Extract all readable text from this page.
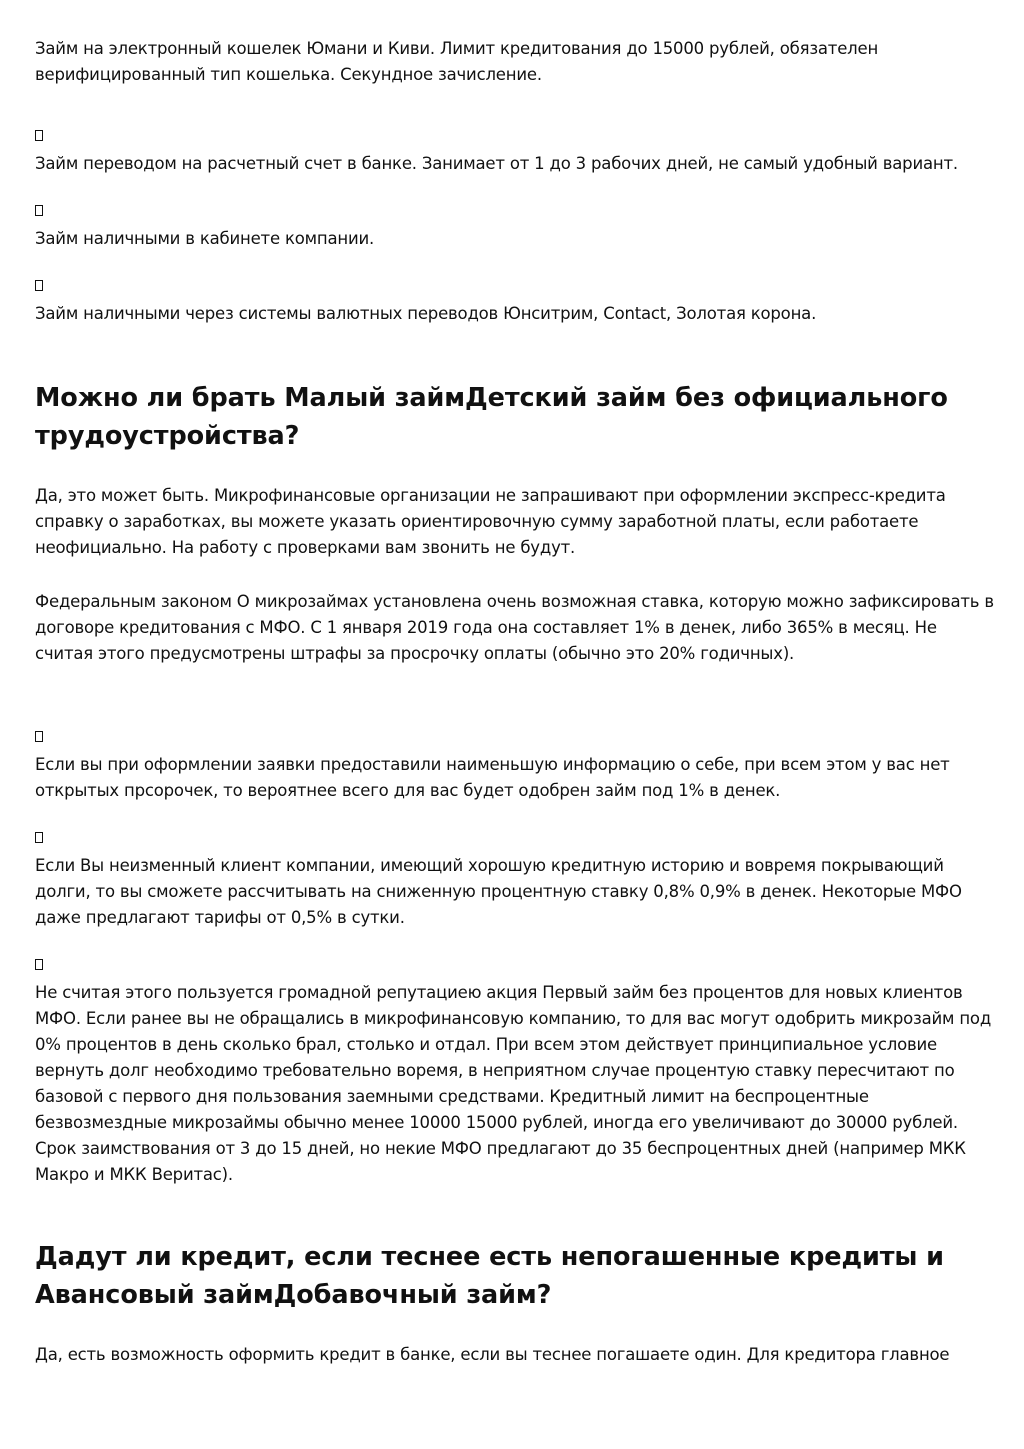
Займ на электронный кошелек Юмани и Киви. Лимит кредитования до 15000 рублей, обязателен верифицированный тип кошелька. Секундное зачисление.

Займ переводом на расчетный счет в банке. Занимает от 1 до 3 рабочих дней, не самый удобный вариант.

Займ наличными в кабинете компании.

Займ наличными через системы валютных переводов Юнситрим, Contact, Золотая корона.

Можно ли брать Малый займДетский займ без официального трудоустройства?

Да, это может быть. Микрофинансовые организации не запрашивают при оформлении экспресс-кредита справку о заработках, вы можете указать ориентировочную сумму заработной платы, если работаете неофициально. На работу с проверками вам звонить не будут.

Федеральным законом О микрозаймах установлена очень возможная ставка, которую можно зафиксировать в договоре кредитования с МФО. С 1 января 2019 года она составляет 1% в денек, либо 365% в месяц. Не считая этого предусмотрены штрафы за просрочку оплаты (обычно это 20% годичных).

Если вы при оформлении заявки предоставили наименьшую информацию о себе, при всем этом у вас нет открытых прсорочек, то вероятнее всего для вас будет одобрен займ под 1% в денек.

Если Вы неизменный клиент компании, имеющий хорошую кредитную историю и вовремя покрывающий долги, то вы сможете рассчитывать на сниженную процентную ставку 0,8% 0,9% в денек. Некоторые МФО даже предлагают тарифы от 0,5% в сутки.

Не считая этого пользуется громадной репутациею акция Первый займ без процентов для новых клиентов МФО. Если ранее вы не обращались в микрофинансовую компанию, то для вас могут одобрить микрозайм под 0% процентов в день сколько брал, столько и отдал. При всем этом действует принципиальное условие вернуть долг необходимо требовательно воремя, в неприятном случае процентую ставку пересчитают по базовой с первого дня пользования заемными средствами. Кредитный лимит на беспроцентные безвозмездные микрозаймы обычно менее 10000 15000 рублей, иногда его увеличивают до 30000 рублей. Срок заимствования от 3 до 15 дней, но некие МФО предлагают до 35 беспроцентных дней (например МКК Макро и МКК Веритас).

Дадут ли кредит, если теснее есть непогашенные кредиты и Авансовый займДобавочный займ?

Да, есть возможность оформить кредит в банке, если вы теснее погашаете один. Для кредитора главное
